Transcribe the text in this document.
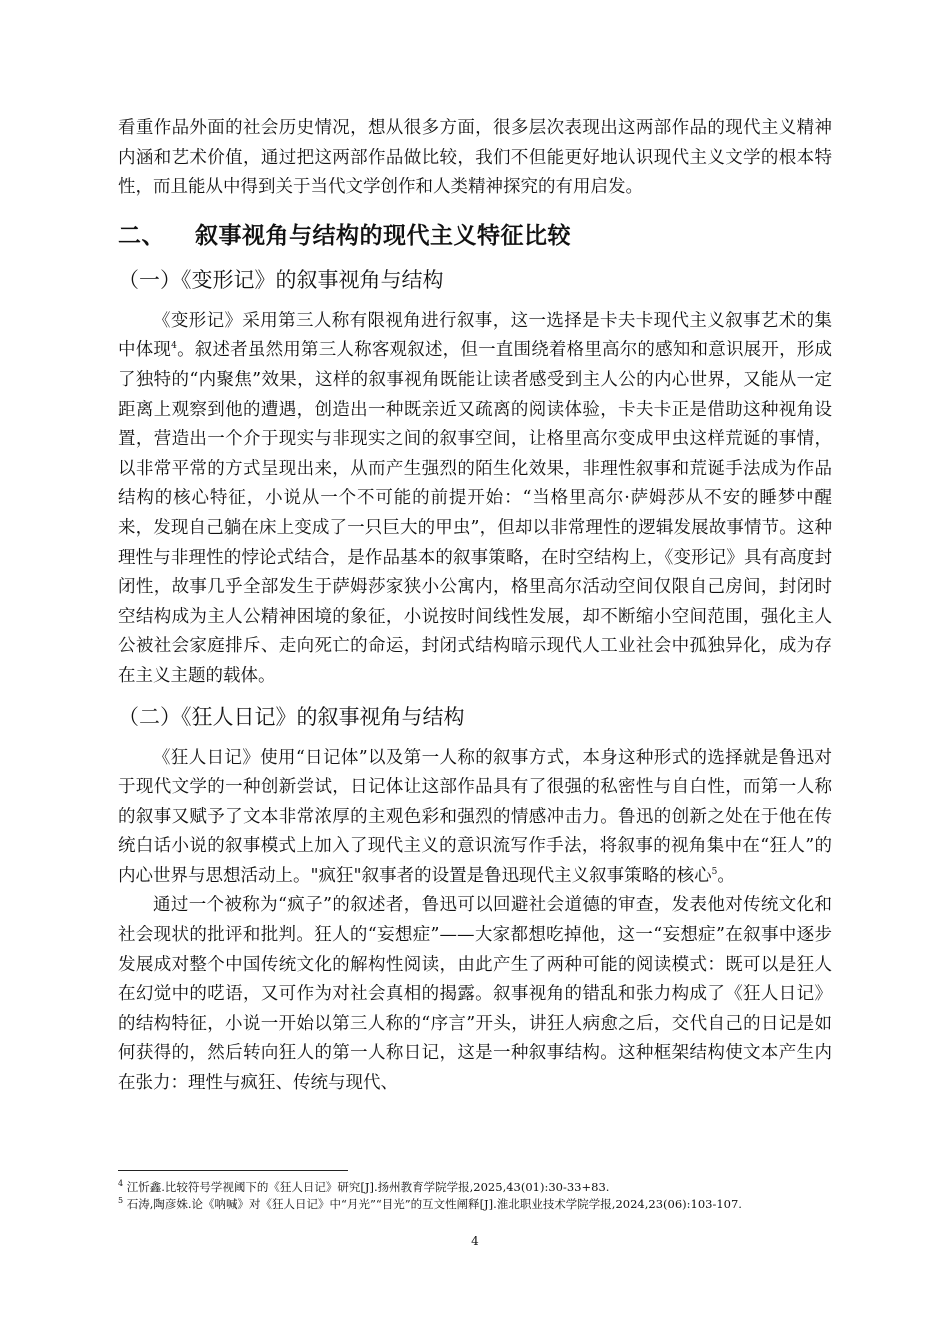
看重作品外面的社会历史情况，想从很多方面，很多层次表现出这两部作品的现代主义精神内涵和艺术价值，通过把这两部作品做比较，我们不但能更好地认识现代主义文学的根本特性，而且能从中得到关于当代文学创作和人类精神探究的有用启发。

二、 叙事视角与结构的现代主义特征比较
（一）《变形记》的叙事视角与结构

《变形记》采用第三人称有限视角进行叙事，这一选择是卡夫卡现代主义叙事艺术的集中体现$^4$。叙述者虽然用第三人称客观叙述，但一直围绕着格里高尔的感知和意识展开，形成了独特的“内聚焦”效果，这样的叙事视角既能让读者感受到主人公的内心世界，又能从一定距离上观察到他的遭遇，创造出一种既亲近又疏离的阅读体验，卡夫卡正是借助这种视角设置，营造出一个介于现实与非现实之间的叙事空间，让格里高尔变成甲虫这样荒诞的事情，以非常平常的方式呈现出来，从而产生强烈的陌生化效果，非理性叙事和荒诞手法成为作品结构的核心特征，小说从一个不可能的前提开始：“当格里高尔·萨姆莎从不安的睡梦中醒来，发现自己躺在床上变成了一只巨大的甲虫”，但却以非常理性的逻辑发展故事情节。这种理性与非理性的悖论式结合，是作品基本的叙事策略，在时空结构上，《变形记》具有高度封闭性，故事几乎全部发生于萨姆莎家狭小公寓内，格里高尔活动空间仅限自己房间，封闭时空结构成为主人公精神困境的象征，小说按时间线性发展，却不断缩小空间范围，强化主人公被社会家庭排斥、走向死亡的命运，封闭式结构暗示现代人工业社会中孤独异化，成为存在主义主题的载体。

（二）《狂人日记》的叙事视角与结构

《狂人日记》使用“日记体”以及第一人称的叙事方式，本身这种形式的选择就是鲁迅对于现代文学的一种创新尝试，日记体让这部作品具有了很强的私密性与自白性，而第一人称的叙事又赋予了文本非常浓厚的主观色彩和强烈的情感冲击力。鲁迅的创新之处在于他在传统白话小说的叙事模式上加入了现代主义的意识流写作手法，将叙事的视角集中在“狂人”的内心世界与思想活动上。"疯狂"叙事者的设置是鲁迅现代主义叙事策略的核心$^5$。

通过一个被称为“疯子”的叙述者，鲁迅可以回避社会道德的审查，发表他对传统文化和社会现状的批评和批判。狂人的“妄想症”——大家都想吃掉他，这一“妄想症”在叙事中逐步发展成对整个中国传统文化的解构性阅读，由此产生了两种可能的阅读模式：既可以是狂人在幻觉中的呓语，又可作为对社会真相的揭露。叙事视角的错乱和张力构成了《狂人日记》的结构特征，小说一开始以第三人称的“序言”开头，讲狂人病愈之后，交代自己的日记是如何获得的，然后转向狂人的第一人称日记，这是一种叙事结构。这种框架结构使文本产生内在张力：理性与疯狂、传统与现代、

$^4$ 江忻鑫.比较符号学视阈下的《狂人日记》研究[J].扬州教育学院学报,2025,43(01):30-33+83.

$^5$ 石涛,陶彦姝.论《呐喊》对《狂人日记》中“月光”“目光”的互文性阐释[J].淮北职业技术学院学报,2024,23(06):103-107.

4
